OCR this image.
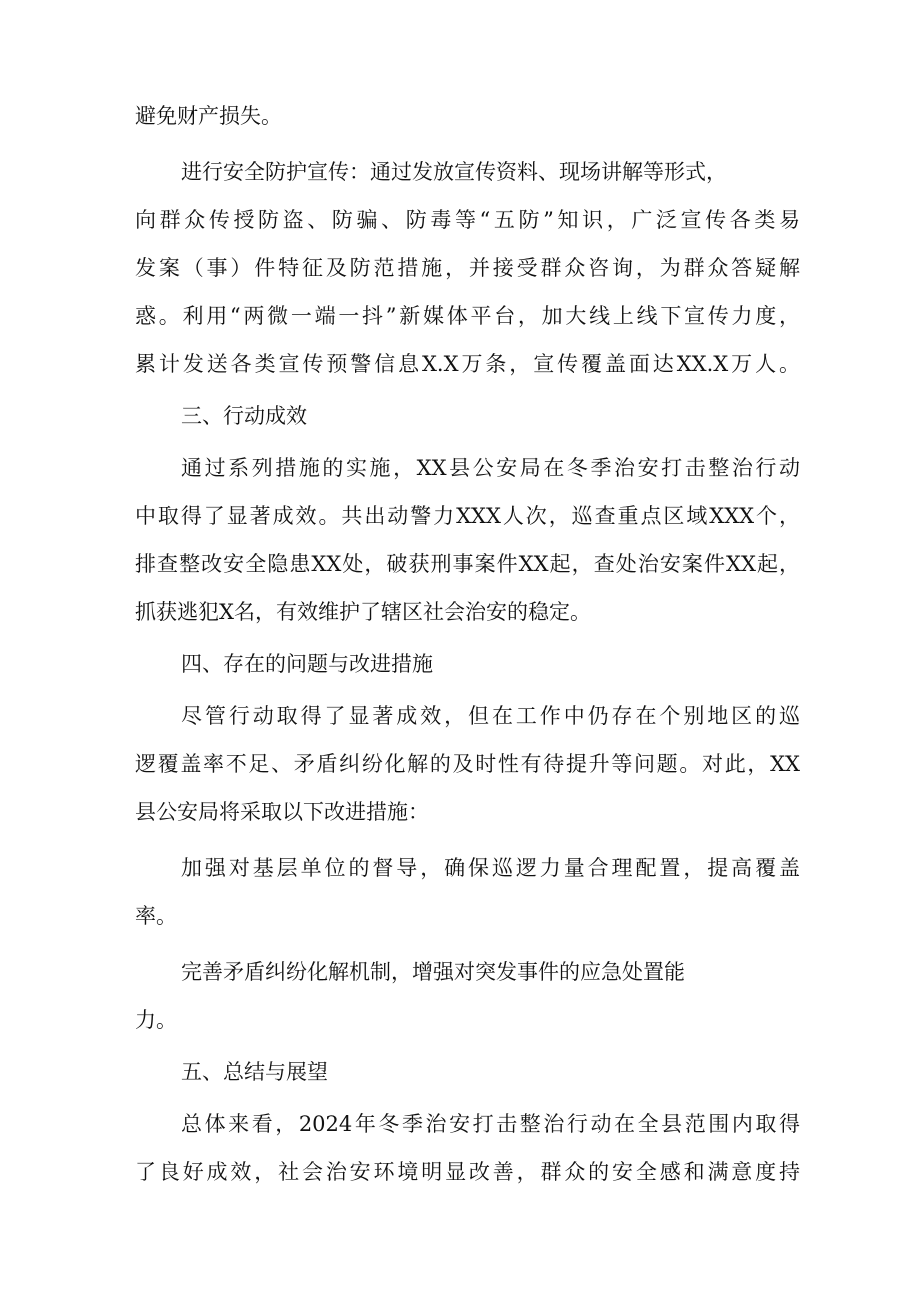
避免财产损失。
进行安全防护宣传：通过发放宣传资料、现场讲解等形式，
向群众传授防盗、防骗、防毒等“五防”知识，广泛宣传各类易
发案（事）件特征及防范措施，并接受群众咨询，为群众答疑解
惑。利用“两微一端一抖”新媒体平台，加大线上线下宣传力度，
累计发送各类宣传预警信息X.X万条，宣传覆盖面达XX.X万人。
三、行动成效
通过系列措施的实施，XX县公安局在冬季治安打击整治行动
中取得了显著成效。共出动警力XXX人次，巡查重点区域XXX个，
排查整改安全隐患XX处，破获刑事案件XX起，查处治安案件XX起，
抓获逃犯X名，有效维护了辖区社会治安的稳定。
四、存在的问题与改进措施
尽管行动取得了显著成效，但在工作中仍存在个别地区的巡
逻覆盖率不足、矛盾纠纷化解的及时性有待提升等问题。对此，XX
县公安局将采取以下改进措施：
加强对基层单位的督导，确保巡逻力量合理配置，提高覆盖
率。
完善矛盾纠纷化解机制，增强对突发事件的应急处置能
力。
五、总结与展望
总体来看，2024年冬季治安打击整治行动在全县范围内取得
了良好成效，社会治安环境明显改善，群众的安全感和满意度持
